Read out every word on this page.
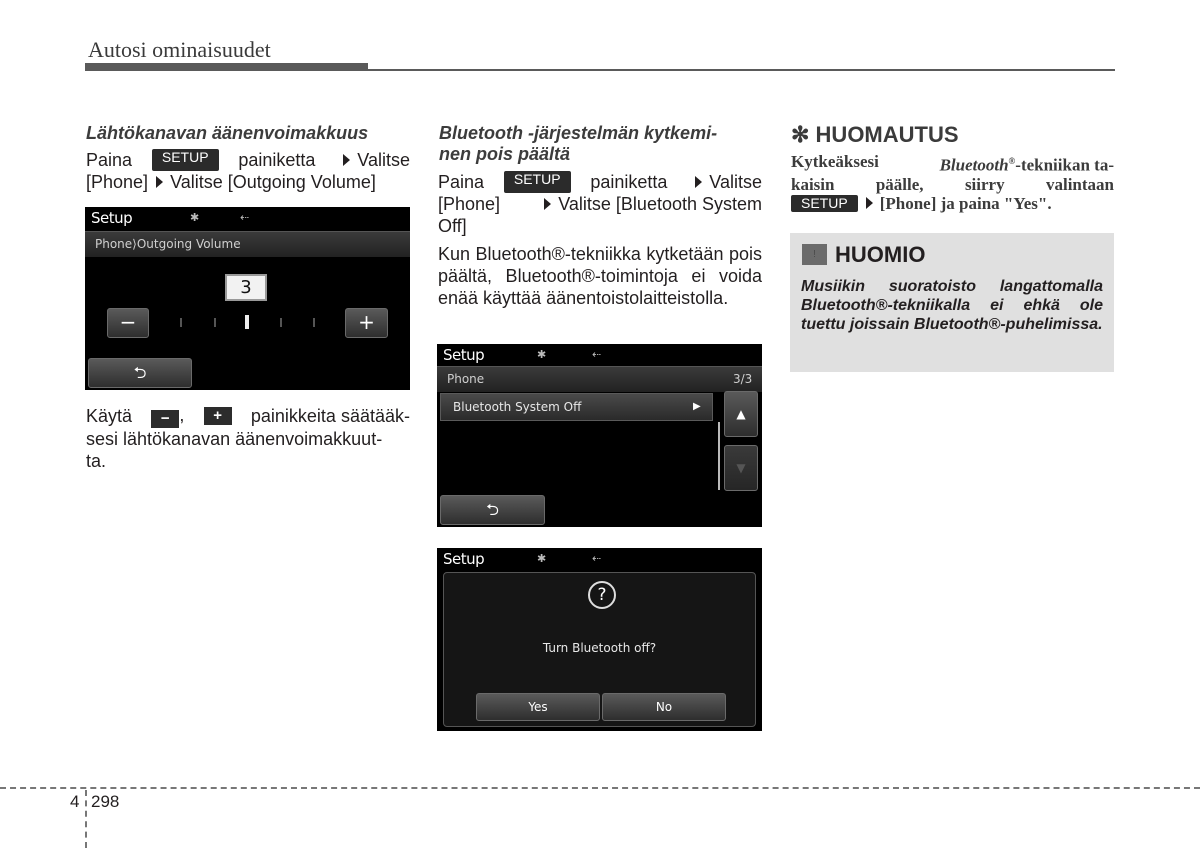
Autosi ominaisuudet
Lähtökanavan äänenvoimakkuus
Paina	SETUP	painiketta	Valitse
[Phone] Valitse [Outgoing Volume]
Setup	✱	⇠
Phone⟩Outgoing Volume
3
−	+
⮌
Käytä	− ,	+	painikkeita säätääk-
sesi lähtökanavan äänenvoimakkuut-
ta.
Bluetooth -järjestelmän kytkemi-
nen pois päältä
Paina	SETUP	painiketta	Valitse
[Phone]	Valitse [Bluetooth System
Off]
Kun Bluetooth®-tekniikka kytketään pois päältä, Bluetooth®-toimintoja ei voida enää käyttää äänentoistolaitteistolla.
Setup	✱	⇠
Phone	3/3
Bluetooth System Off	▶
▲
▼
⮌
Setup	✱	⇠
?
Turn Bluetooth off?
Yes	No
✻ HUOMAUTUS
Kytkeäksesi	Bluetooth®-tekniikan ta-
kaisin päälle, siirry valintaan
SETUP [Phone] ja paina "Yes".
! HUOMIO
Musiikin suoratoisto langattomalla Bluetooth®-tekniikalla ei ehkä ole tuettu joissain Bluetooth®-puhelimissa.
4 298
